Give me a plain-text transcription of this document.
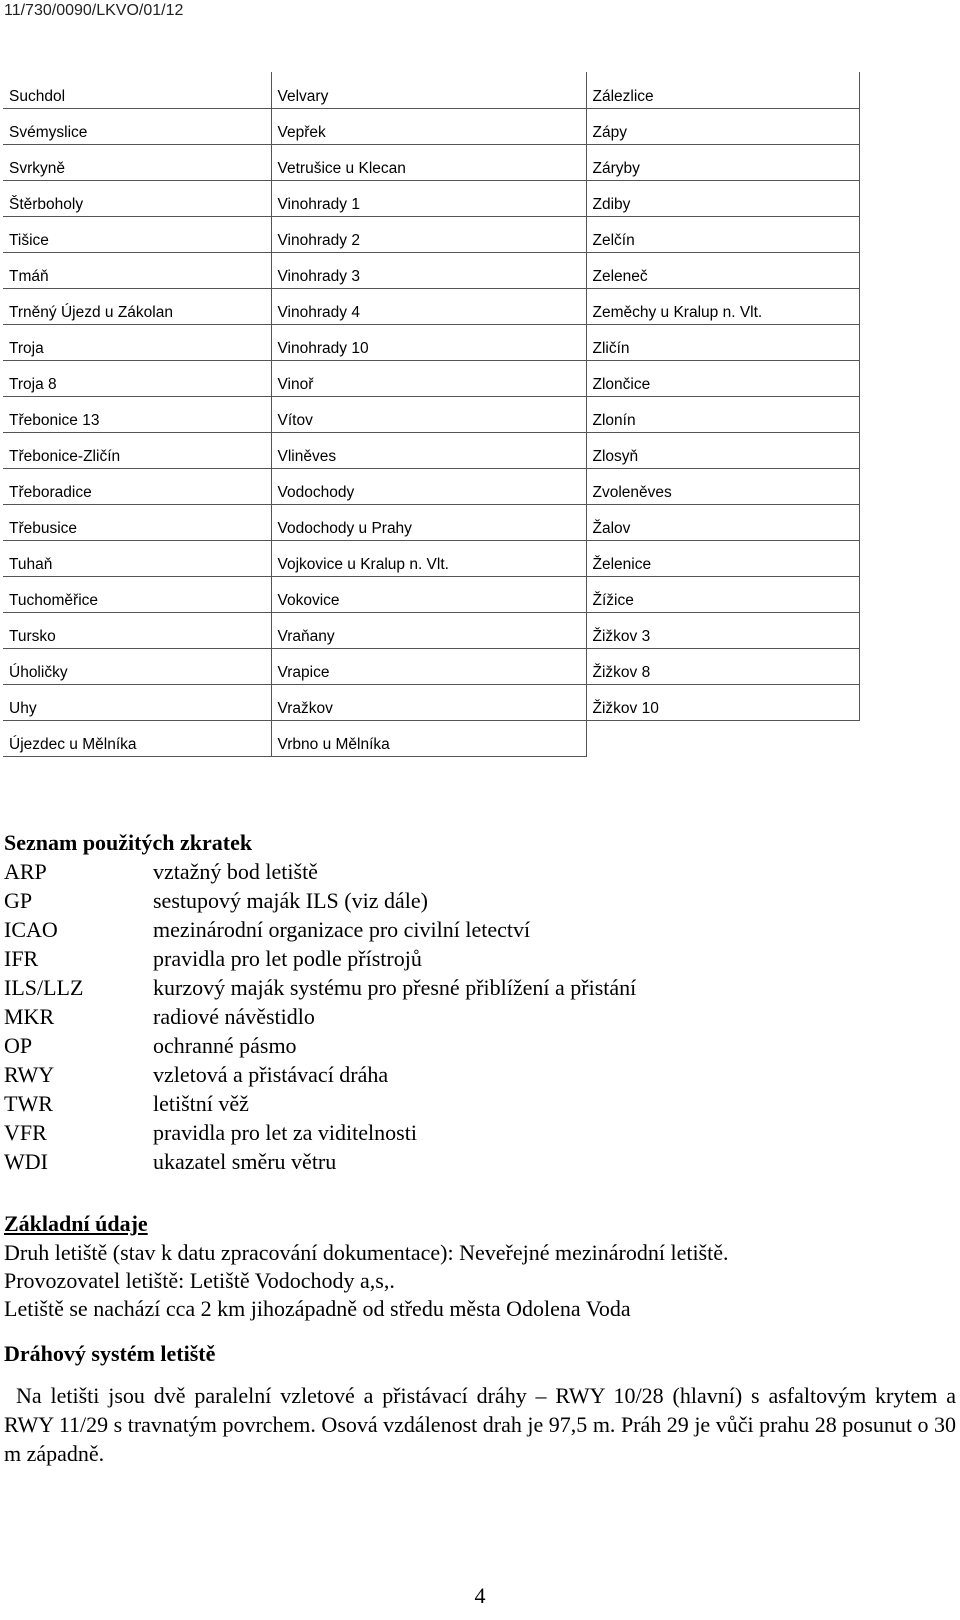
11/730/0090/LKVO/01/12
Suchdol	Velvary	Zálezlice
Svémyslice	Vepřek	Zápy
Svrkyně	Vetrušice u Klecan	Záryby
Štěrboholy	Vinohrady 1	Zdiby
Tišice	Vinohrady 2	Zelčín
Tmáň	Vinohrady 3	Zeleneč
Trněný Újezd u Zákolan	Vinohrady 4	Zeměchy u Kralup n. Vlt.
Troja	Vinohrady 10	Zličín
Troja 8	Vinoř	Zlončice
Třebonice 13	Vítov	Zlonín
Třebonice-Zličín	Vliněves	Zlosyň
Třeboradice	Vodochody	Zvoleněves
Třebusice	Vodochody u Prahy	Žalov
Tuhaň	Vojkovice u Kralup n. Vlt.	Želenice
Tuchoměřice	Vokovice	Žížice
Tursko	Vraňany	Žižkov 3
Úholičky	Vrapice	Žižkov 8
Uhy	Vražkov	Žižkov 10
Újezdec u Mělníka	Vrbno u Mělníka	
Seznam použitých zkratek
ARP	vztažný bod letiště
GP	sestupový maják ILS (viz dále)
ICAO	mezinárodní organizace pro civilní letectví
IFR	pravidla pro let podle přístrojů
ILS/LLZ	kurzový maják systému pro přesné přiblížení a přistání
MKR	radiové návěstidlo
OP	ochranné pásmo
RWY	vzletová a přistávací dráha
TWR	letištní věž
VFR	pravidla pro let za viditelnosti
WDI	ukazatel směru větru
Základní údaje
Druh letiště (stav k datu zpracování dokumentace): Neveřejné mezinárodní letiště.
Provozovatel letiště: Letiště Vodochody a,s,.
Letiště se nachází cca 2 km jihozápadně od středu města Odolena Voda
Dráhový systém letiště
Na letišti jsou dvě paralelní vzletové a přistávací dráhy – RWY 10/28 (hlavní) s asfaltovým krytem a RWY 11/29 s travnatým povrchem. Osová vzdálenost drah je 97,5 m. Práh 29 je vůči prahu 28 posunut o 30 m západně.
4
